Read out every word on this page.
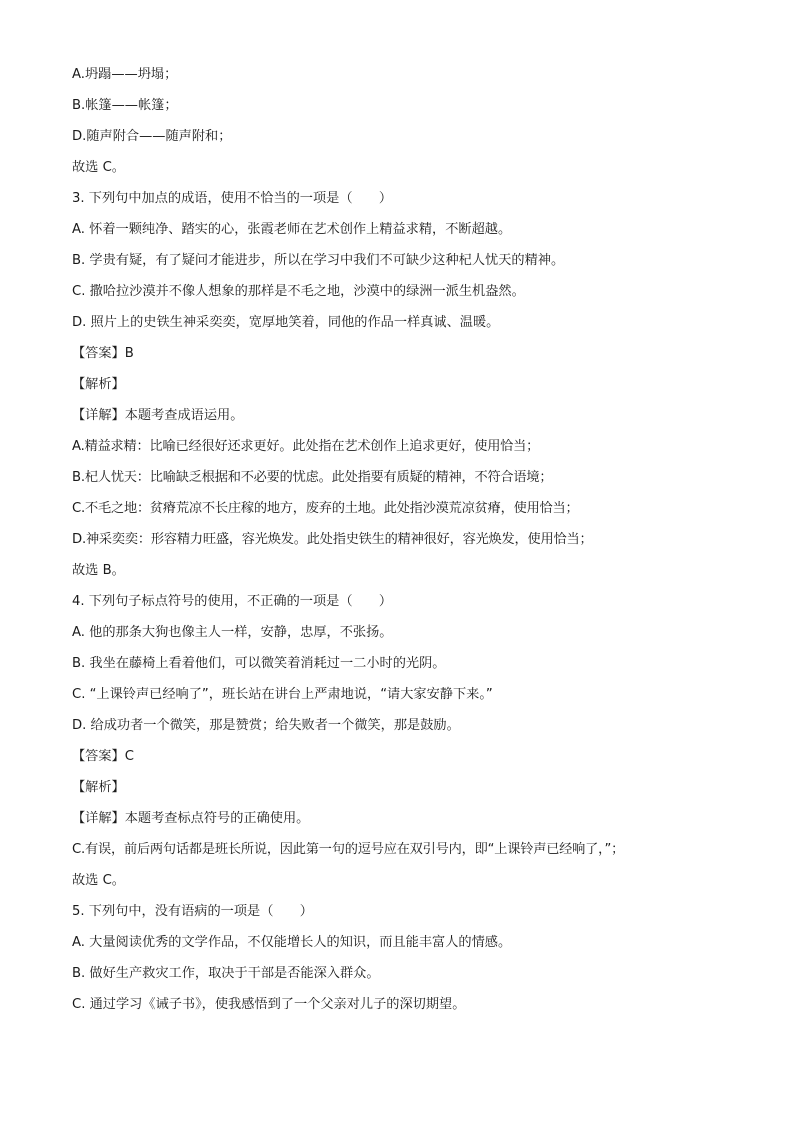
A.坍蹋——坍塌；
B.帐篷——帐篷；
D.随声附合——随声附和；
故选 C。
3. 下列句中加点的成语，使用不恰当的一项是（　　）
A. 怀着一颗纯净、踏实的心，张霞老师在艺术创作上精益求精，不断超越。
B. 学贵有疑，有了疑问才能进步，所以在学习中我们不可缺少这种杞人忧天的精神。
C. 撒哈拉沙漠并不像人想象的那样是不毛之地，沙漠中的绿洲一派生机盎然。
D. 照片上的史铁生神采奕奕，宽厚地笑着，同他的作品一样真诚、温暖。
【答案】B
【解析】
【详解】本题考查成语运用。
A.精益求精：比喻已经很好还求更好。此处指在艺术创作上追求更好，使用恰当；
B.杞人忧天：比喻缺乏根据和不必要的忧虑。此处指要有质疑的精神，不符合语境；
C.不毛之地：贫瘠荒凉不长庄稼的地方，废弃的土地。此处指沙漠荒凉贫瘠，使用恰当；
D.神采奕奕：形容精力旺盛，容光焕发。此处指史铁生的精神很好，容光焕发，使用恰当；
故选 B。
4. 下列句子标点符号的使用，不正确的一项是（　　）
A. 他的那条大狗也像主人一样，安静，忠厚，不张扬。
B. 我坐在藤椅上看着他们，可以微笑着消耗过一二小时的光阴。
C. “上课铃声已经响了”，班长站在讲台上严肃地说，“请大家安静下来。”
D. 给成功者一个微笑，那是赞赏；给失败者一个微笑，那是鼓励。
【答案】C
【解析】
【详解】本题考查标点符号的正确使用。
C.有误，前后两句话都是班长所说，因此第一句的逗号应在双引号内，即“上课铃声已经响了，”；
故选 C。
5. 下列句中，没有语病的一项是（　　）
A. 大量阅读优秀的文学作品，不仅能增长人的知识，而且能丰富人的情感。
B. 做好生产救灾工作，取决于干部是否能深入群众。
C. 通过学习《诫子书》，使我感悟到了一个父亲对儿子的深切期望。
